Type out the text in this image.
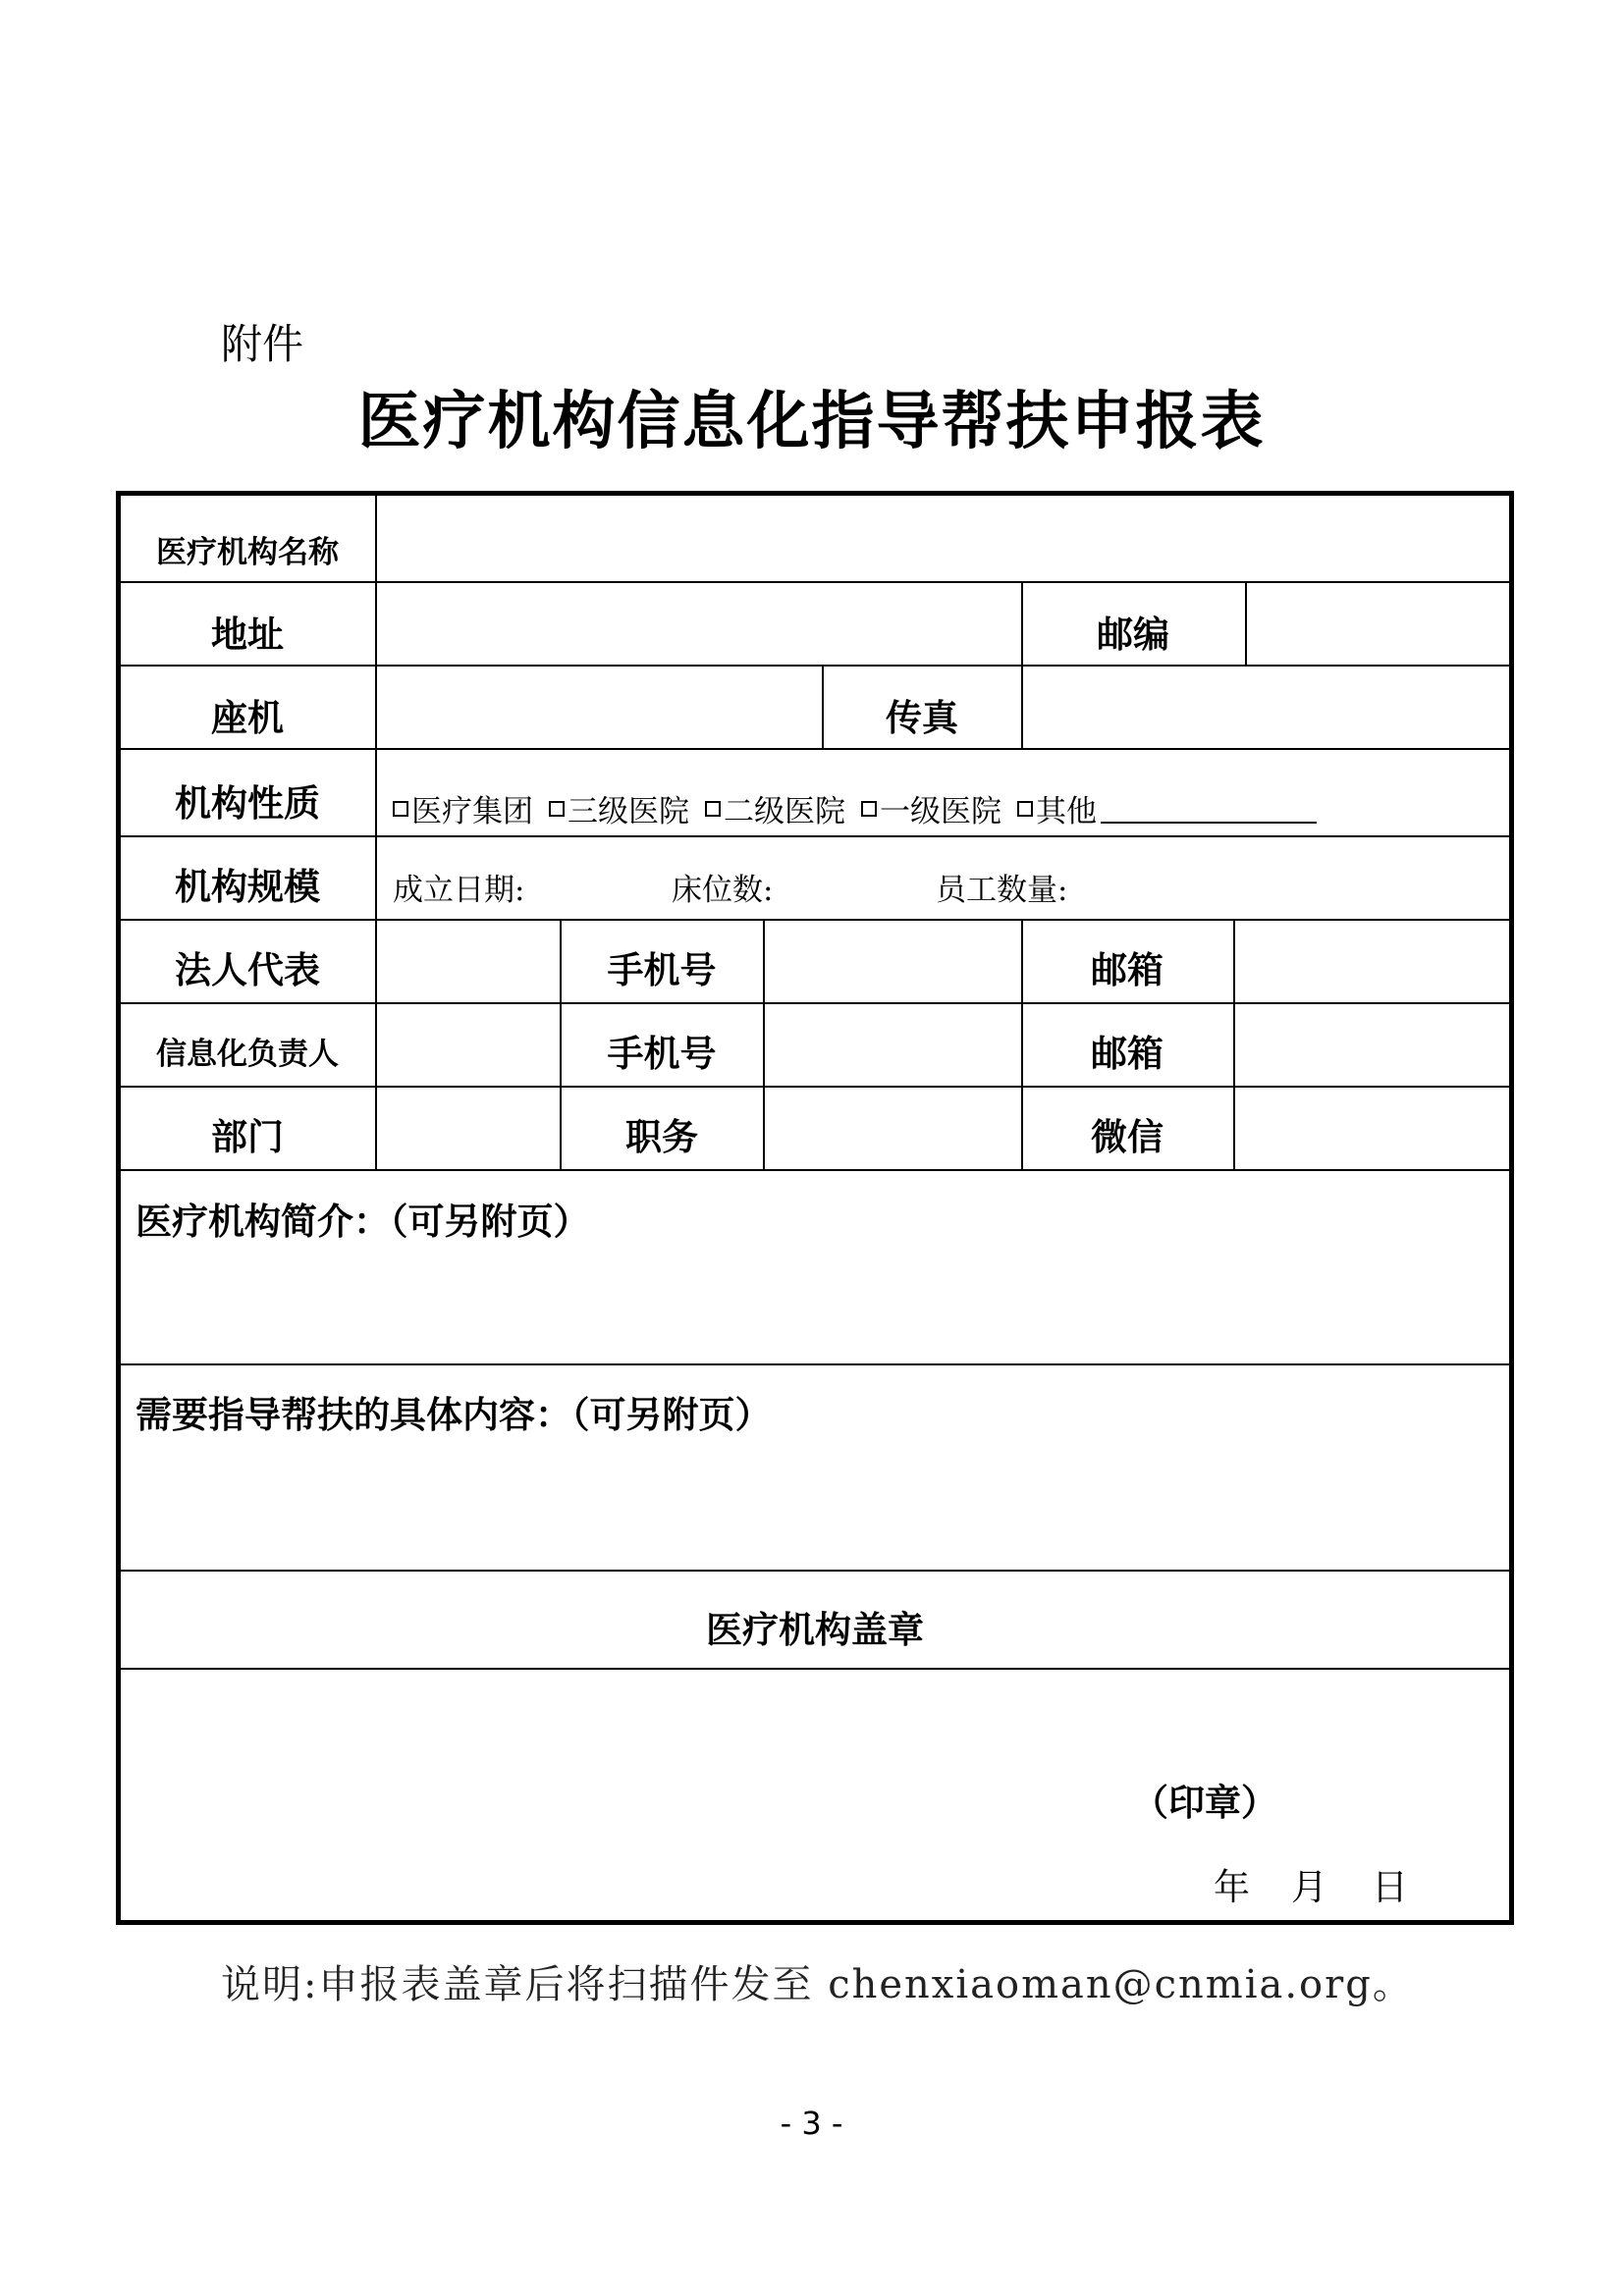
附件
医疗机构信息化指导帮扶申报表
医疗机构名称
地址	邮编
座机	传真
机构性质	医疗集团 三级医院 二级医院 一级医院 其他
机构规模 成立日期:	床位数:	员工数量:
法人代表	手机号	邮箱
信息化负责人	手机号	邮箱
部门	职务	微信
医疗机构简介：（可另附页）
需要指导帮扶的具体内容：（可另附页）
医疗机构盖章
（印章）
年 月 日
说明:申报表盖章后将扫描件发至 chenxiaoman@cnmia.org。
- 3 -
